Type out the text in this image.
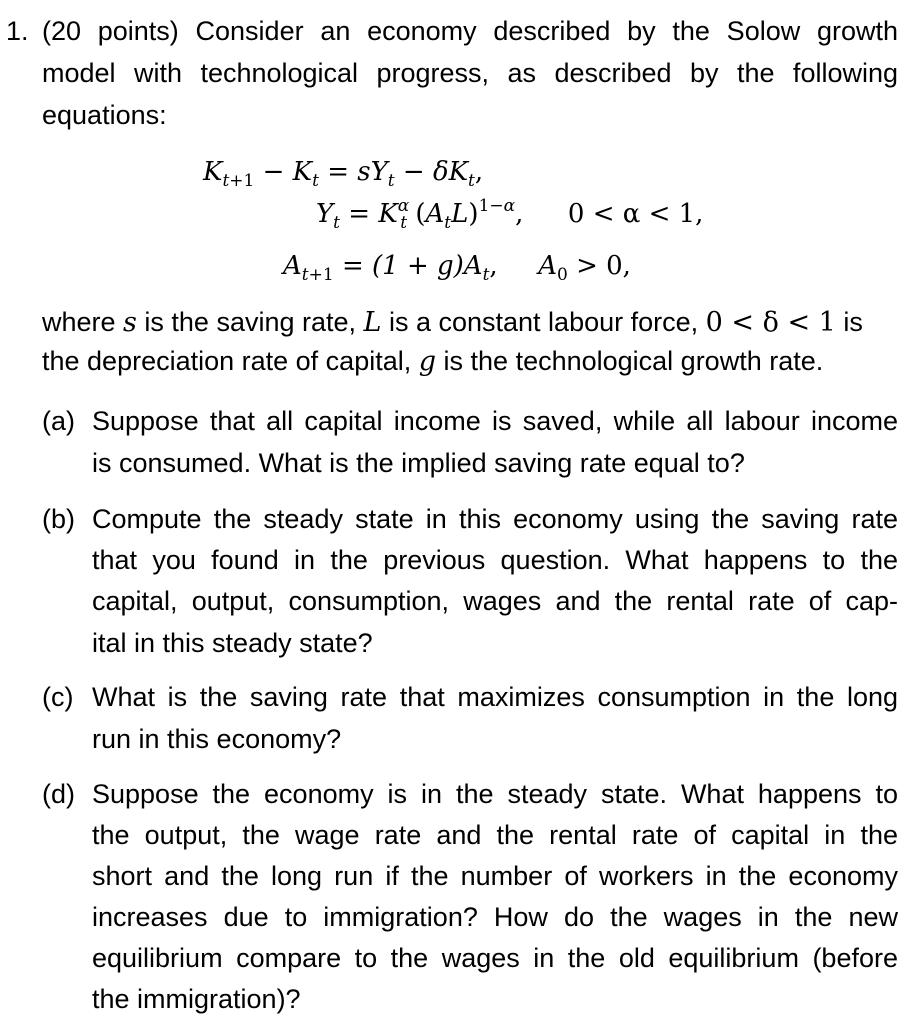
1. (20 points) Consider an economy described by the Solow growth
model with technological progress, as described by the following
equations:
$K_{t+1} - K_t = sY_t - \delta K_t$,
$Y_t = K^\alpha_t$ $(A_tL)^{1-\alpha}$, 0 < α < 1,
$A_{t+1} = (1 + g)A_t$, $A_0 > 0$,
where s is the saving rate, L is a constant labour force, 0 < δ < 1 is
the depreciation rate of capital, g is the technological growth rate.
(a) Suppose that all capital income is saved, while all labour income
is consumed. What is the implied saving rate equal to?
(b) Compute the steady state in this economy using the saving rate
that you found in the previous question. What happens to the
capital, output, consumption, wages and the rental rate of cap-
ital in this steady state?
(c) What is the saving rate that maximizes consumption in the long
run in this economy?
(d) Suppose the economy is in the steady state. What happens to
the output, the wage rate and the rental rate of capital in the
short and the long run if the number of workers in the economy
increases due to immigration? How do the wages in the new
equilibrium compare to the wages in the old equilibrium (before
the immigration)?
